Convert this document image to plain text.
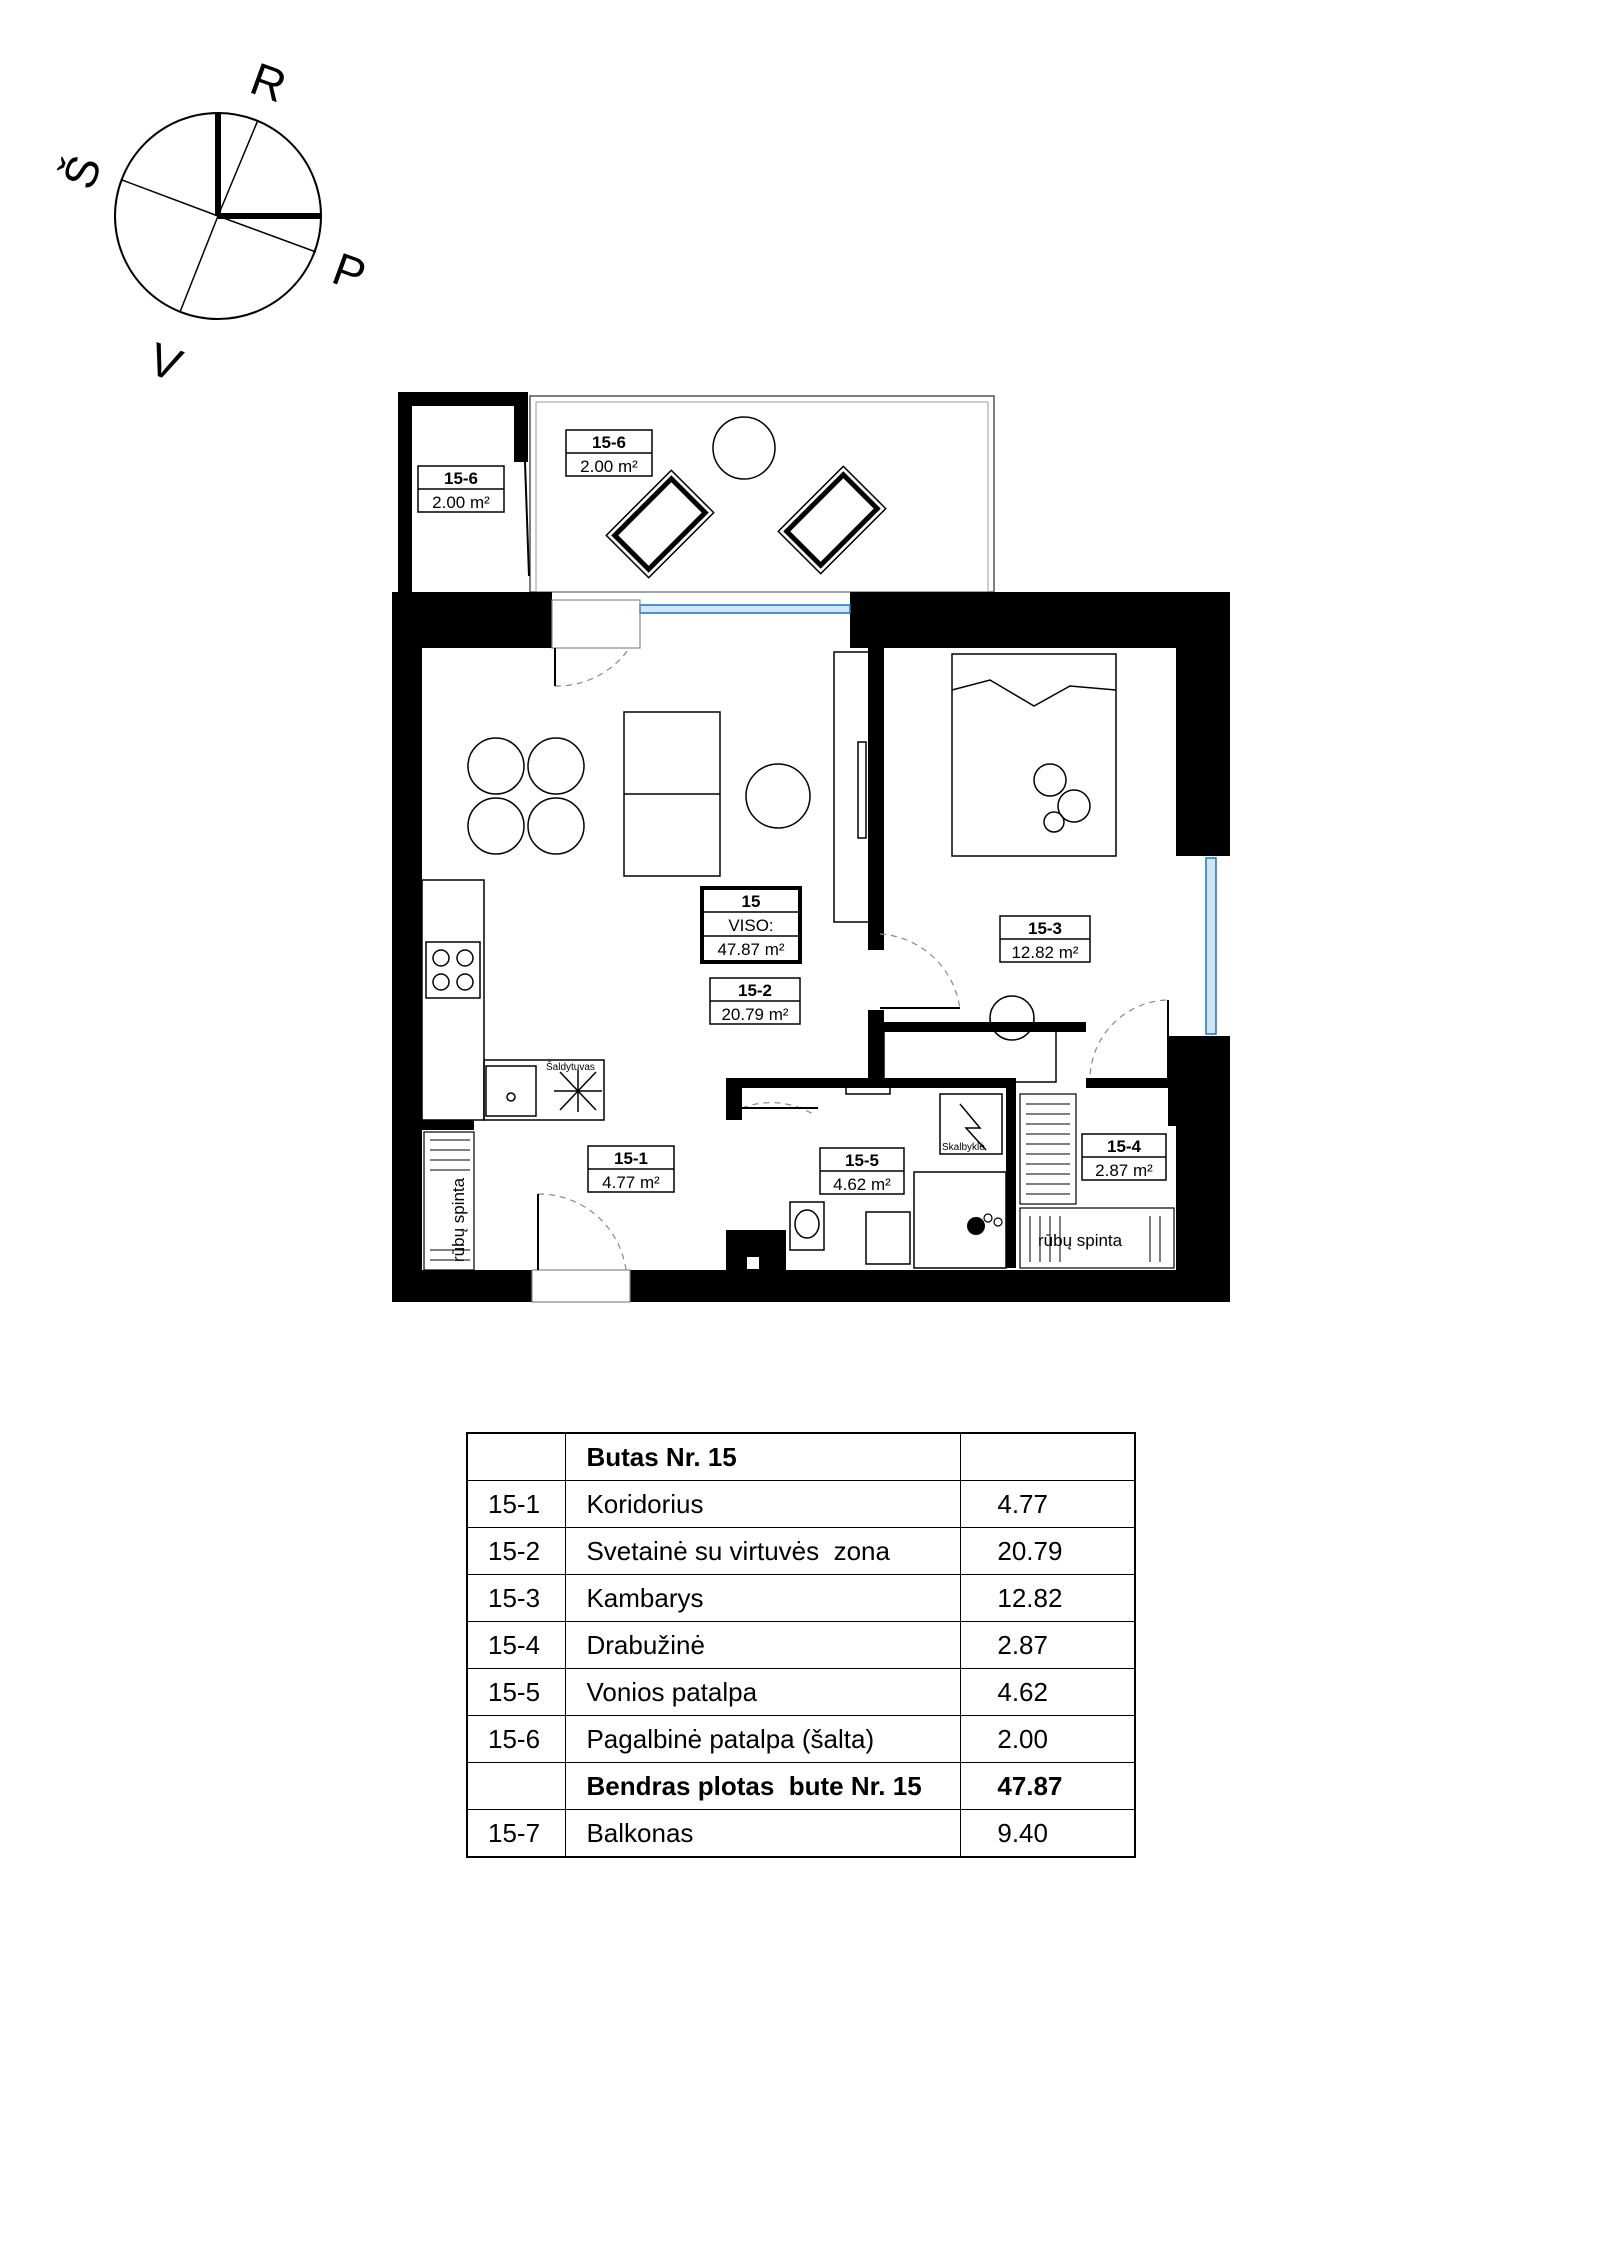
R
Š
P
V
Šaldytuvas
rūbų spinta	rūbų spinta
Skalbyklė
15-6
2.00 m²
15-6
2.00 m²
15-1
4.77 m²
15-2
20.79 m²
15-3
12.82 m²
15-4
2.87 m²
15-5
4.62 m²
15
VISO:
47.87 m²
	Butas Nr. 15	
15-1	Koridorius	4.77
15-2	Svetainė su virtuvės  zona	20.79
15-3	Kambarys	12.82
15-4	Drabužinė	2.87
15-5	Vonios patalpa	4.62
15-6	Pagalbinė patalpa (šalta)	2.00
	Bendras plotas  bute Nr. 15	47.87
15-7	Balkonas	9.40
